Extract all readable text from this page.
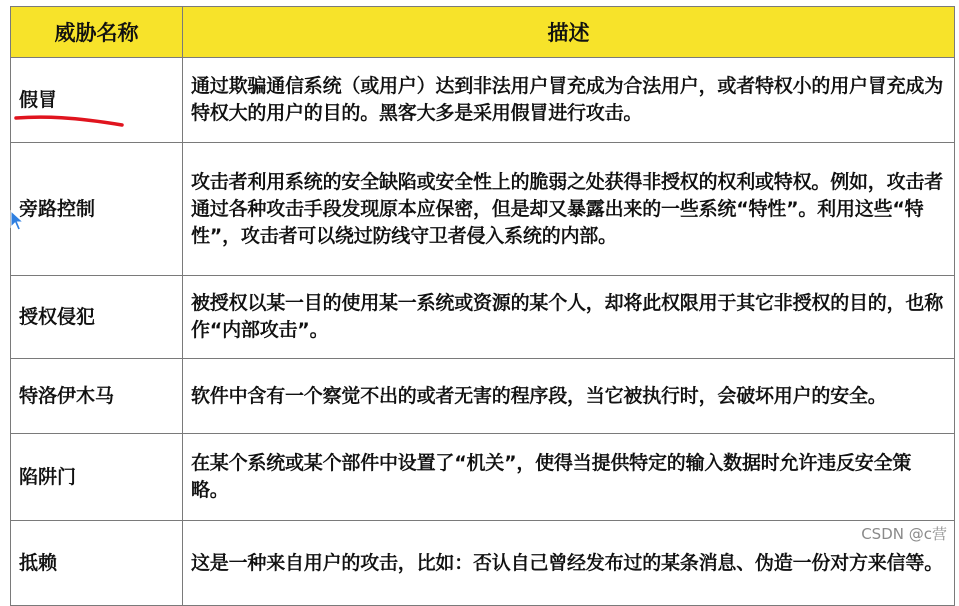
威胁名称	描述
假冒	通过欺骗通信系统（或用户）达到非法用户冒充成为合法用户，或者特权小的用户冒充成为特权大的用户的目的。黑客大多是采用假冒进行攻击。
旁路控制	攻击者利用系统的安全缺陷或安全性上的脆弱之处获得非授权的权利或特权。例如，攻击者通过各种攻击手段发现原本应保密，但是却又暴露出来的一些系统“特性”。利用这些“特性”，攻击者可以绕过防线守卫者侵入系统的内部。
授权侵犯	被授权以某一目的使用某一系统或资源的某个人，却将此权限用于其它非授权的目的，也称作“内部攻击”。
特洛伊木马	软件中含有一个察觉不出的或者无害的程序段，当它被执行时，会破坏用户的安全。
陷阱门	在某个系统或某个部件中设置了“机关”，使得当提供特定的输入数据时允许违反安全策略。
抵赖	这是一种来自用户的攻击，比如：否认自己曾经发布过的某条消息、伪造一份对方来信等。
CSDN @c营
